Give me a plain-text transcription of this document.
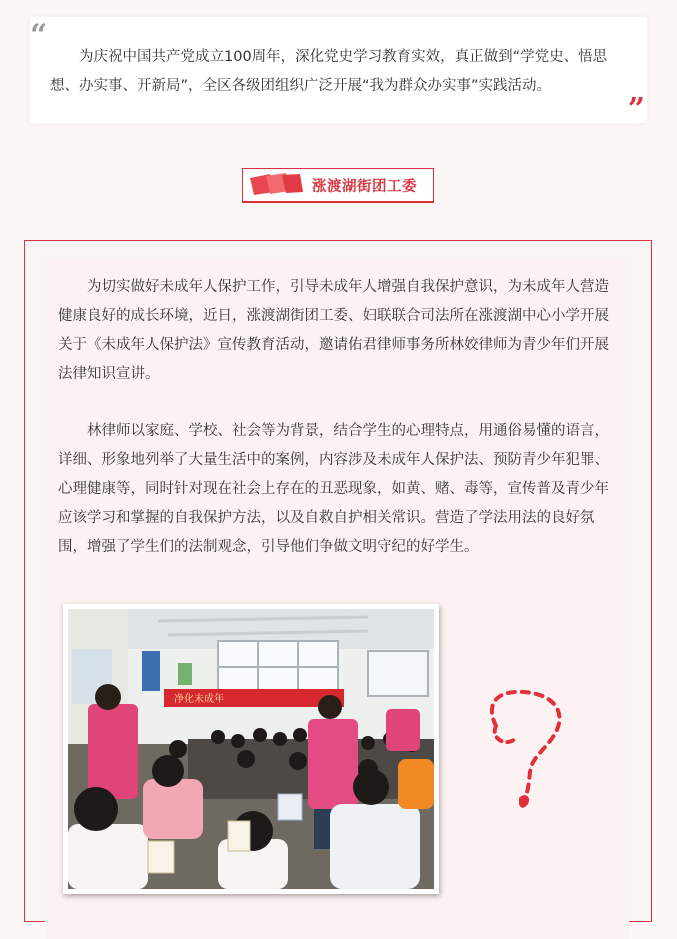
“

为庆祝中国共产党成立100周年，深化党史学习教育实效，真正做到“学党史、悟思想、办实事、开新局”，全区各级团组织广泛开展“我为群众办实事”实践活动。

”
涨渡湖街团工委

为切实做好未成年人保护工作，引导未成年人增强自我保护意识，为未成年人营造健康良好的成长环境，近日，涨渡湖街团工委、妇联联合司法所在涨渡湖中心小学开展关于《未成年人保护法》宣传教育活动，邀请佑君律师事务所林姣律师为青少年们开展法律知识宣讲。

林律师以家庭、学校、社会等为背景，结合学生的心理特点，用通俗易懂的语言，详细、形象地列举了大量生活中的案例，内容涉及未成年人保护法、预防青少年犯罪、心理健康等，同时针对现在社会上存在的丑恶现象，如黄、赌、毒等，宣传普及青少年应该学习和掌握的自我保护方法，以及自救自护相关常识。营造了学法用法的良好氛围，增强了学生们的法制观念，引导他们争做文明守纪的好学生。

净化未成年
